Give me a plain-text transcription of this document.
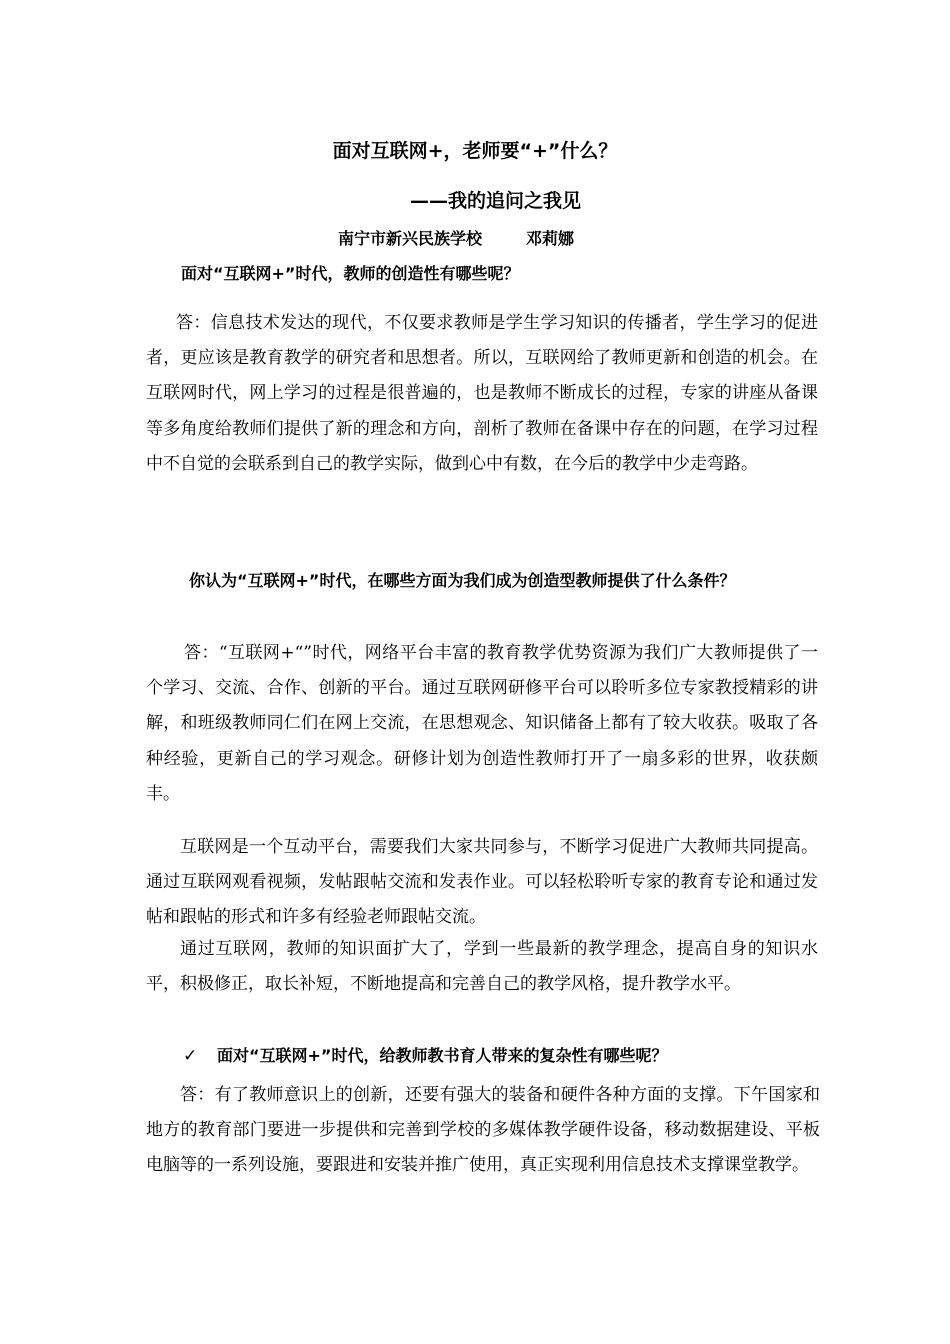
面对互联网+，老师要“+”什么？
——我的追问之我见
南宁市新兴民族学校	邓莉娜
面对“互联网+”时代，教师的创造性有哪些呢？
答：信息技术发达的现代，不仅要求教师是学生学习知识的传播者，学生学习的促进者，更应该是教育教学的研究者和思想者。所以，互联网给了教师更新和创造的机会。在互联网时代，网上学习的过程是很普遍的，也是教师不断成长的过程，专家的讲座从备课等多角度给教师们提供了新的理念和方向，剖析了教师在备课中存在的问题，在学习过程中不自觉的会联系到自己的教学实际，做到心中有数，在今后的教学中少走弯路。
你认为“互联网+”时代，在哪些方面为我们成为创造型教师提供了什么条件？
答：“互联网+“”时代，网络平台丰富的教育教学优势资源为我们广大教师提供了一个学习、交流、合作、创新的平台。通过互联网研修平台可以聆听多位专家教授精彩的讲解，和班级教师同仁们在网上交流，在思想观念、知识储备上都有了较大收获。吸取了各种经验，更新自己的学习观念。研修计划为创造性教师打开了一扇多彩的世界，收获颇丰。
互联网是一个互动平台，需要我们大家共同参与，不断学习促进广大教师共同提高。通过互联网观看视频，发帖跟帖交流和发表作业。可以轻松聆听专家的教育专论和通过发帖和跟帖的形式和许多有经验老师跟帖交流。
通过互联网，教师的知识面扩大了，学到一些最新的教学理念，提高自身的知识水平，积极修正，取长补短，不断地提高和完善自己的教学风格，提升教学水平。
✓ 面对“互联网+”时代，给教师教书育人带来的复杂性有哪些呢？
答：有了教师意识上的创新，还要有强大的装备和硬件各种方面的支撑。下午国家和地方的教育部门要进一步提供和完善到学校的多媒体教学硬件设备，移动数据建设、平板电脑等的一系列设施，要跟进和安装并推广使用，真正实现利用信息技术支撑课堂教学。
